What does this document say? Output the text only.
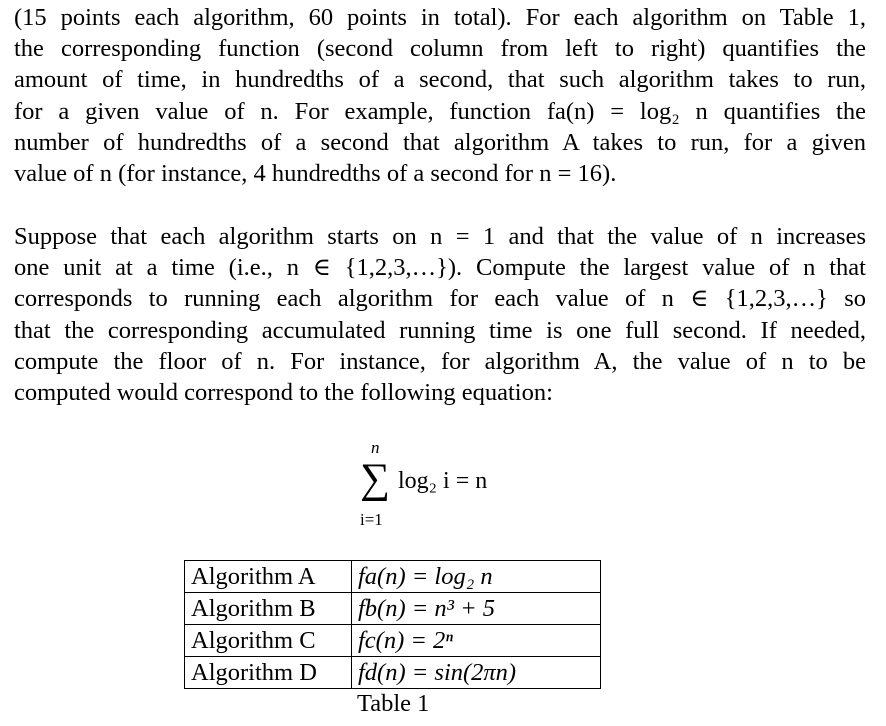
(15 points each algorithm, 60 points in total). For each algorithm on Table 1,
the corresponding function (second column from left to right) quantifies the
amount of time, in hundredths of a second, that such algorithm takes to run,
for a given value of n. For example, function fa(n) = log₂ n quantifies the
number of hundredths of a second that algorithm A takes to run, for a given
value of n (for instance, 4 hundredths of a second for n = 16).
Suppose that each algorithm starts on n = 1 and that the value of n increases
one unit at a time (i.e., n ∈ {1,2,3,…}). Compute the largest value of n that
corresponds to running each algorithm for each value of n ∈ {1,2,3,…} so
that the corresponding accumulated running time is one full second. If needed,
compute the floor of n. For instance, for algorithm A, the value of n to be
computed would correspond to the following equation:
n
∑ log₂ i = n
i=1
Algorithm A	fa(n) = log₂ n
Algorithm B	fb(n) = n³ + 5
Algorithm C	fc(n) = 2ⁿ
Algorithm D	fd(n) = sin(2πn)
Table 1
